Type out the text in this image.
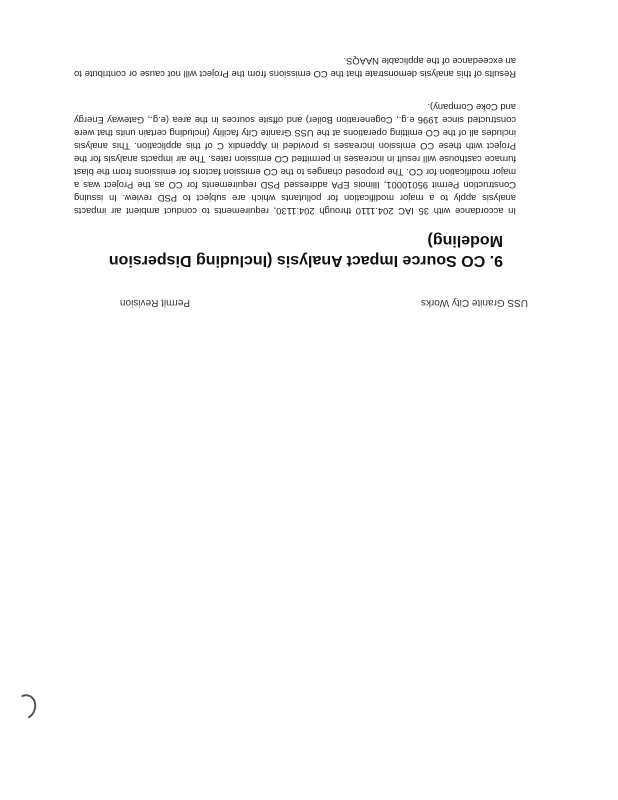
USS Granite City Works
Permit Revision
9. CO Source Impact Analysis (Including Dispersion Modeling)

In accordance with 35 IAC 204.1110 through 204.1130, requirements to conduct ambient air impacts analysis apply to a major modification for pollutants which are subject to PSD review. In issuing Construction Permit 95010001, Illinois EPA addressed PSD requirements for CO as the Project was a major modification for CO. The proposed changes to the CO emission factors for emissions from the blast furnace casthouse will result in increases in permitted CO emission rates. The air impacts analysis for the Project with these CO emission increases is provided in Appendix C of this application. This analysis includes all of the CO emitting operations at the USS Granite City facility (including certain units that were constructed since 1996 e.g., Cogeneration Boiler) and offsite sources in the area (e.g., Gateway Energy and Coke Company).

Results of this analysis demonstrate that the CO emissions from the Project will not cause or contribute to an exceedance of the applicable NAAQS.
